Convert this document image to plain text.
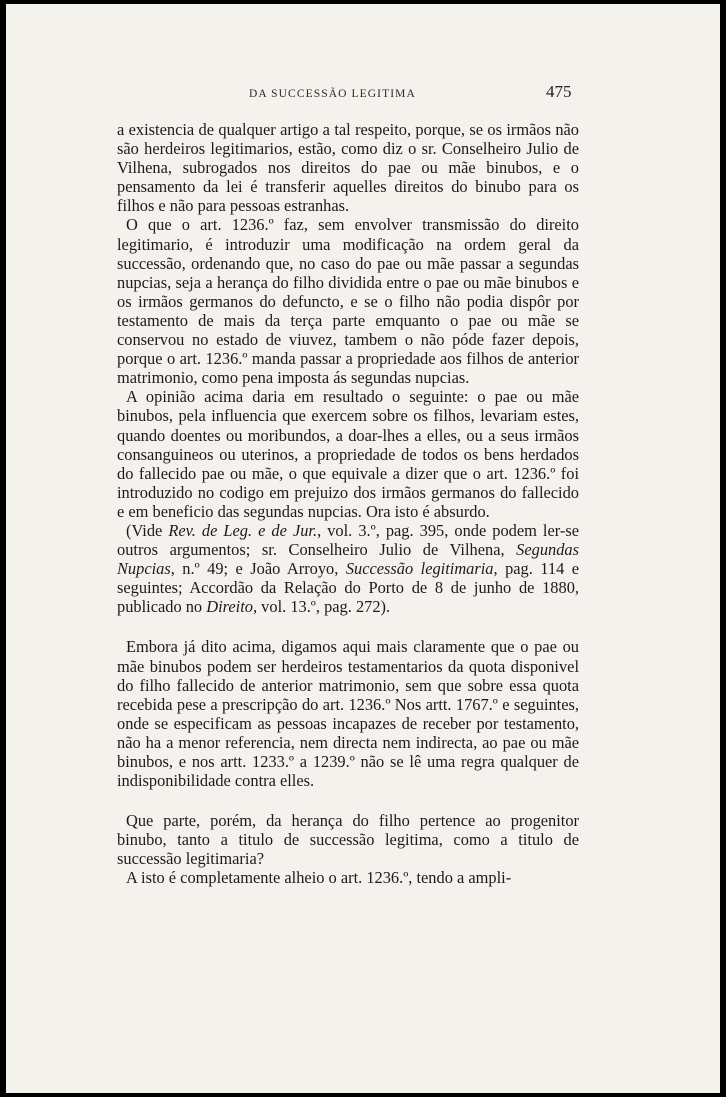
DA SUCCESSÃO LEGITIMA	475

a existencia de qualquer artigo a tal respeito, porque, se os irmãos não são herdeiros legitimarios, estão, como diz o sr. Conselheiro Julio de Vilhena, subrogados nos direitos do pae ou mãe binubos, e o pensamento da lei é transferir aquelles direitos do binubo para os filhos e não para pessoas estranhas.

O que o art. 1236.º faz, sem envolver transmissão do direito legitimario, é introduzir uma modificação na ordem geral da successão, ordenando que, no caso do pae ou mãe passar a segundas nupcias, seja a herança do filho dividida entre o pae ou mãe binubos e os irmãos germanos do defuncto, e se o filho não podia dispôr por testamento de mais da terça parte emquanto o pae ou mãe se conservou no estado de viuvez, tambem o não póde fazer depois, porque o art. 1236.º manda passar a propriedade aos filhos de anterior matrimonio, como pena imposta ás segundas nupcias.

A opinião acima daria em resultado o seguinte: o pae ou mãe binubos, pela influencia que exercem sobre os filhos, levariam estes, quando doentes ou moribundos, a doar-lhes a elles, ou a seus irmãos consanguineos ou uterinos, a propriedade de todos os bens herdados do fallecido pae ou mãe, o que equivale a dizer que o art. 1236.º foi introduzido no codigo em prejuizo dos irmãos germanos do fallecido e em beneficio das segundas nupcias. Ora isto é absurdo.

(Vide Rev. de Leg. e de Jur., vol. 3.º, pag. 395, onde podem ler-se outros argumentos; sr. Conselheiro Julio de Vilhena, Segundas Nupcias, n.º 49; e João Arroyo, Successão legitimaria, pag. 114 e seguintes; Accordão da Relação do Porto de 8 de junho de 1880, publicado no Direito, vol. 13.º, pag. 272).

Embora já dito acima, digamos aqui mais claramente que o pae ou mãe binubos podem ser herdeiros testamentarios da quota disponivel do filho fallecido de anterior matrimonio, sem que sobre essa quota recebida pese a prescripção do art. 1236.º Nos artt. 1767.º e seguintes, onde se especificam as pessoas incapazes de receber por testamento, não ha a menor referencia, nem directa nem indirecta, ao pae ou mãe binubos, e nos artt. 1233.º a 1239.º não se lê uma regra qualquer de indisponibilidade contra elles.

Que parte, porém, da herança do filho pertence ao progenitor binubo, tanto a titulo de successão legitima, como a titulo de successão legitimaria?

A isto é completamente alheio o art. 1236.º, tendo a ampli-
